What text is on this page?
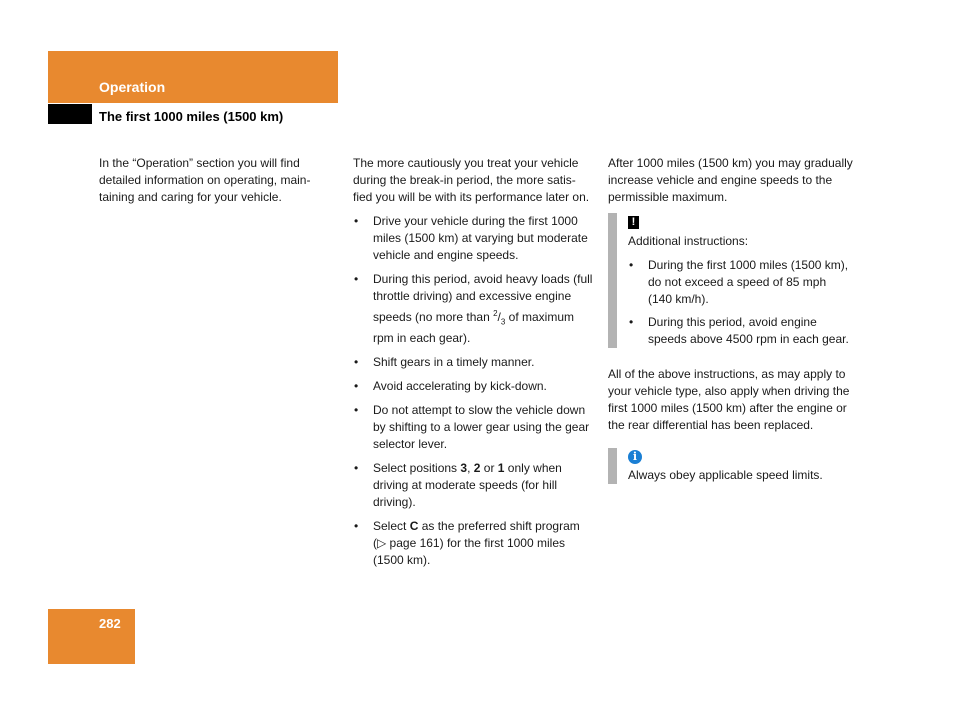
Operation
The first 1000 miles (1500 km)

In the “Operation” section you will find detailed information on operating, main-taining and caring for your vehicle.

The more cautiously you treat your vehicle during the break-in period, the more satis-fied you will be with its performance later on.

• Drive your vehicle during the first 1000 miles (1500 km) at varying but moderate vehicle and engine speeds.
• During this period, avoid heavy loads (full throttle driving) and excessive engine speeds (no more than $^2/_3$ of maximum rpm in each gear).
• Shift gears in a timely manner.
• Avoid accelerating by kick-down.
• Do not attempt to slow the vehicle down by shifting to a lower gear using the gear selector lever.
• Select positions 3, 2 or 1 only when driving at moderate speeds (for hill driving).
• Select C as the preferred shift program (▷ page 161) for the first 1000 miles (1500 km).

After 1000 miles (1500 km) you may gradually increase vehicle and engine speeds to the permissible maximum.

!

Additional instructions:

• During the first 1000 miles (1500 km), do not exceed a speed of 85 mph (140 km/h).
• During this period, avoid engine speeds above 4500 rpm in each gear.

All of the above instructions, as may apply to your vehicle type, also apply when driving the first 1000 miles (1500 km) after the engine or the rear differential has been replaced.

i

Always obey applicable speed limits.

282
